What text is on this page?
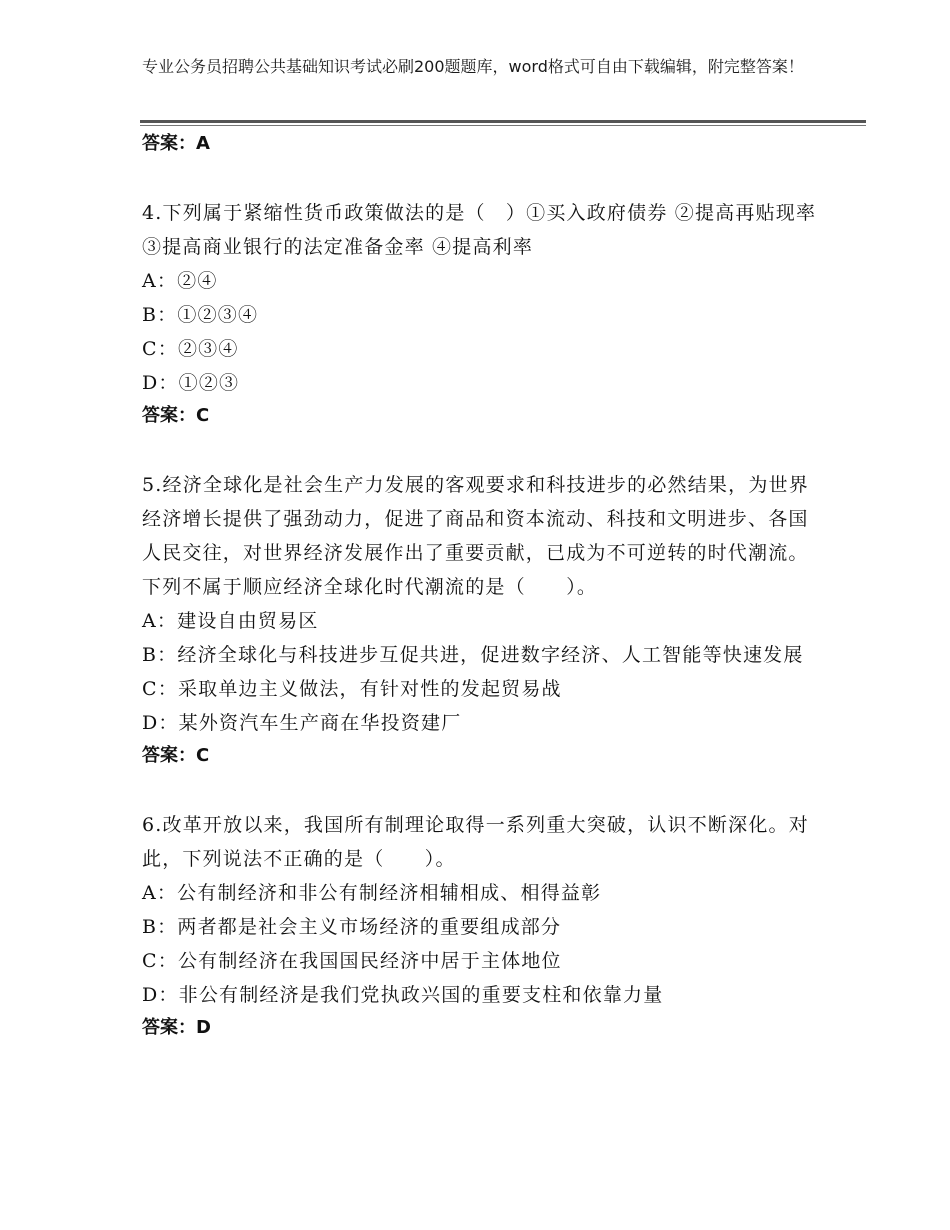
专业公务员招聘公共基础知识考试必刷200题题库，word格式可自由下载编辑，附完整答案！

答案：A

4.下列属于紧缩性货币政策做法的是（　）①买入政府债券 ②提高再贴现率 ③提高商业银行的法定准备金率 ④提高利率

A：②④

B：①②③④

C：②③④

D：①②③

答案：C

5.经济全球化是社会生产力发展的客观要求和科技进步的必然结果，为世界经济增长提供了强劲动力，促进了商品和资本流动、科技和文明进步、各国人民交往，对世界经济发展作出了重要贡献，已成为不可逆转的时代潮流。下列不属于顺应经济全球化时代潮流的是（　　）。

A：建设自由贸易区

B：经济全球化与科技进步互促共进，促进数字经济、人工智能等快速发展

C：采取单边主义做法，有针对性的发起贸易战

D：某外资汽车生产商在华投资建厂

答案：C

6.改革开放以来，我国所有制理论取得一系列重大突破，认识不断深化。对此，下列说法不正确的是（　　）。

A：公有制经济和非公有制经济相辅相成、相得益彰

B：两者都是社会主义市场经济的重要组成部分

C：公有制经济在我国国民经济中居于主体地位

D：非公有制经济是我们党执政兴国的重要支柱和依靠力量

答案：D
